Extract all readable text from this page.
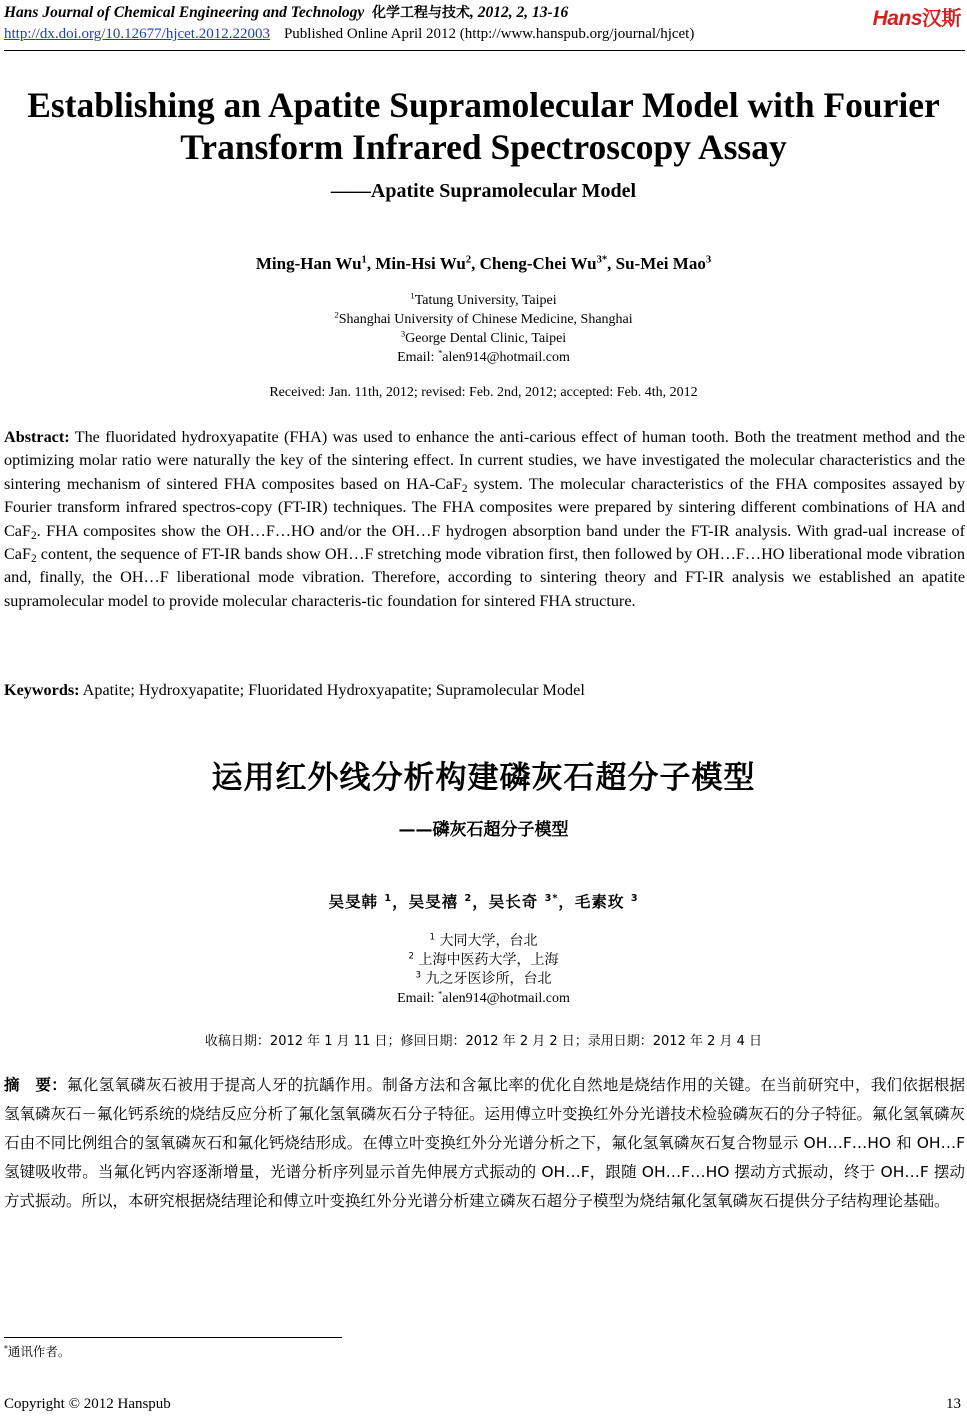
Hans Journal of Chemical Engineering and Technology 化学工程与技术, 2012, 2, 13-16
http://dx.doi.org/10.12677/hjcet.2012.22003 Published Online April 2012 (http://www.hanspub.org/journal/hjcet)
Hans汉斯
Establishing an Apatite Supramolecular Model with Fourier
Transform Infrared Spectroscopy Assay
——Apatite Supramolecular Model
Ming-Han Wu$^1$, Min-Hsi Wu$^2$, Cheng-Chei $Wu^{3*}$, Su-Mei Mao$^3$
$^1$Tatung University, Taipei
$^2$Shanghai University of Chinese Medicine, Shanghai
$^3$George Dental Clinic, Taipei
Email: *alen914@hotmail.com
Received: Jan. 11th, 2012; revised: Feb. 2nd, 2012; accepted: Feb. 4th, 2012
Abstract: The fluoridated hydroxyapatite (FHA) was used to enhance the anti-carious effect of human tooth. Both the treatment method and the optimizing molar ratio were naturally the key of the sintering effect. In current studies, we have investigated the molecular characteristics and the sintering mechanism of sintered FHA composites based on HA-CaF$_2$ system. The molecular characteristics of the FHA composites assayed by Fourier transform infrared spectros-copy (FT-IR) techniques. The FHA composites were prepared by sintering different combinations of HA and CaF$_2$. FHA composites show the OH…F…HO and/or the OH…F hydrogen absorption band under the FT-IR analysis. With grad-ual increase of CaF$_2$ content, the sequence of FT-IR bands show OH…F stretching mode vibration first, then followed by OH…F…HO liberational mode vibration and, finally, the OH…F liberational mode vibration. Therefore, according to sintering theory and FT-IR analysis we established an apatite supramolecular model to provide molecular characteris-tic foundation for sintered FHA structure.
Keywords: Apatite; Hydroxyapatite; Fluoridated Hydroxyapatite; Supramolecular Model
运用红外线分析构建磷灰石超分子模型
——磷灰石超分子模型
吴旻韩 $^1$，吴旻禧 $^2$，吴长奇 $^{3*}$，毛素玫 $^3$
$^1$ 大同大学，台北
$^2$ 上海中医药大学，上海
$^3$ 九之牙医诊所，台北
Email: *alen914@hotmail.com
收稿日期：2012 年 1 月 11 日；修回日期：2012 年 2 月 2 日；录用日期：2012 年 2 月 4 日
摘　要：氟化氢氧磷灰石被用于提高人牙的抗龋作用。制备方法和含氟比率的优化自然地是烧结作用的关键。在当前研究中，我们依据根据氢氧磷灰石－氟化钙系统的烧结反应分析了氟化氢氧磷灰石分子特征。运用傅立叶变换红外分光谱技术检验磷灰石的分子特征。氟化氢氧磷灰石由不同比例组合的氢氧磷灰石和氟化钙烧结形成。在傅立叶变换红外分光谱分析之下，氟化氢氧磷灰石复合物显示 OH…F…HO 和 OH…F 氢键吸收带。当氟化钙内容逐渐增量，光谱分析序列显示首先伸展方式振动的 OH…F，跟随 OH…F…HO 摆动方式振动，终于 OH…F 摆动方式振动。所以，本研究根据烧结理论和傅立叶变换红外分光谱分析建立磷灰石超分子模型为烧结氟化氢氧磷灰石提供分子结构理论基础。
*通讯作者。
Copyright © 2012 Hanspub	13
